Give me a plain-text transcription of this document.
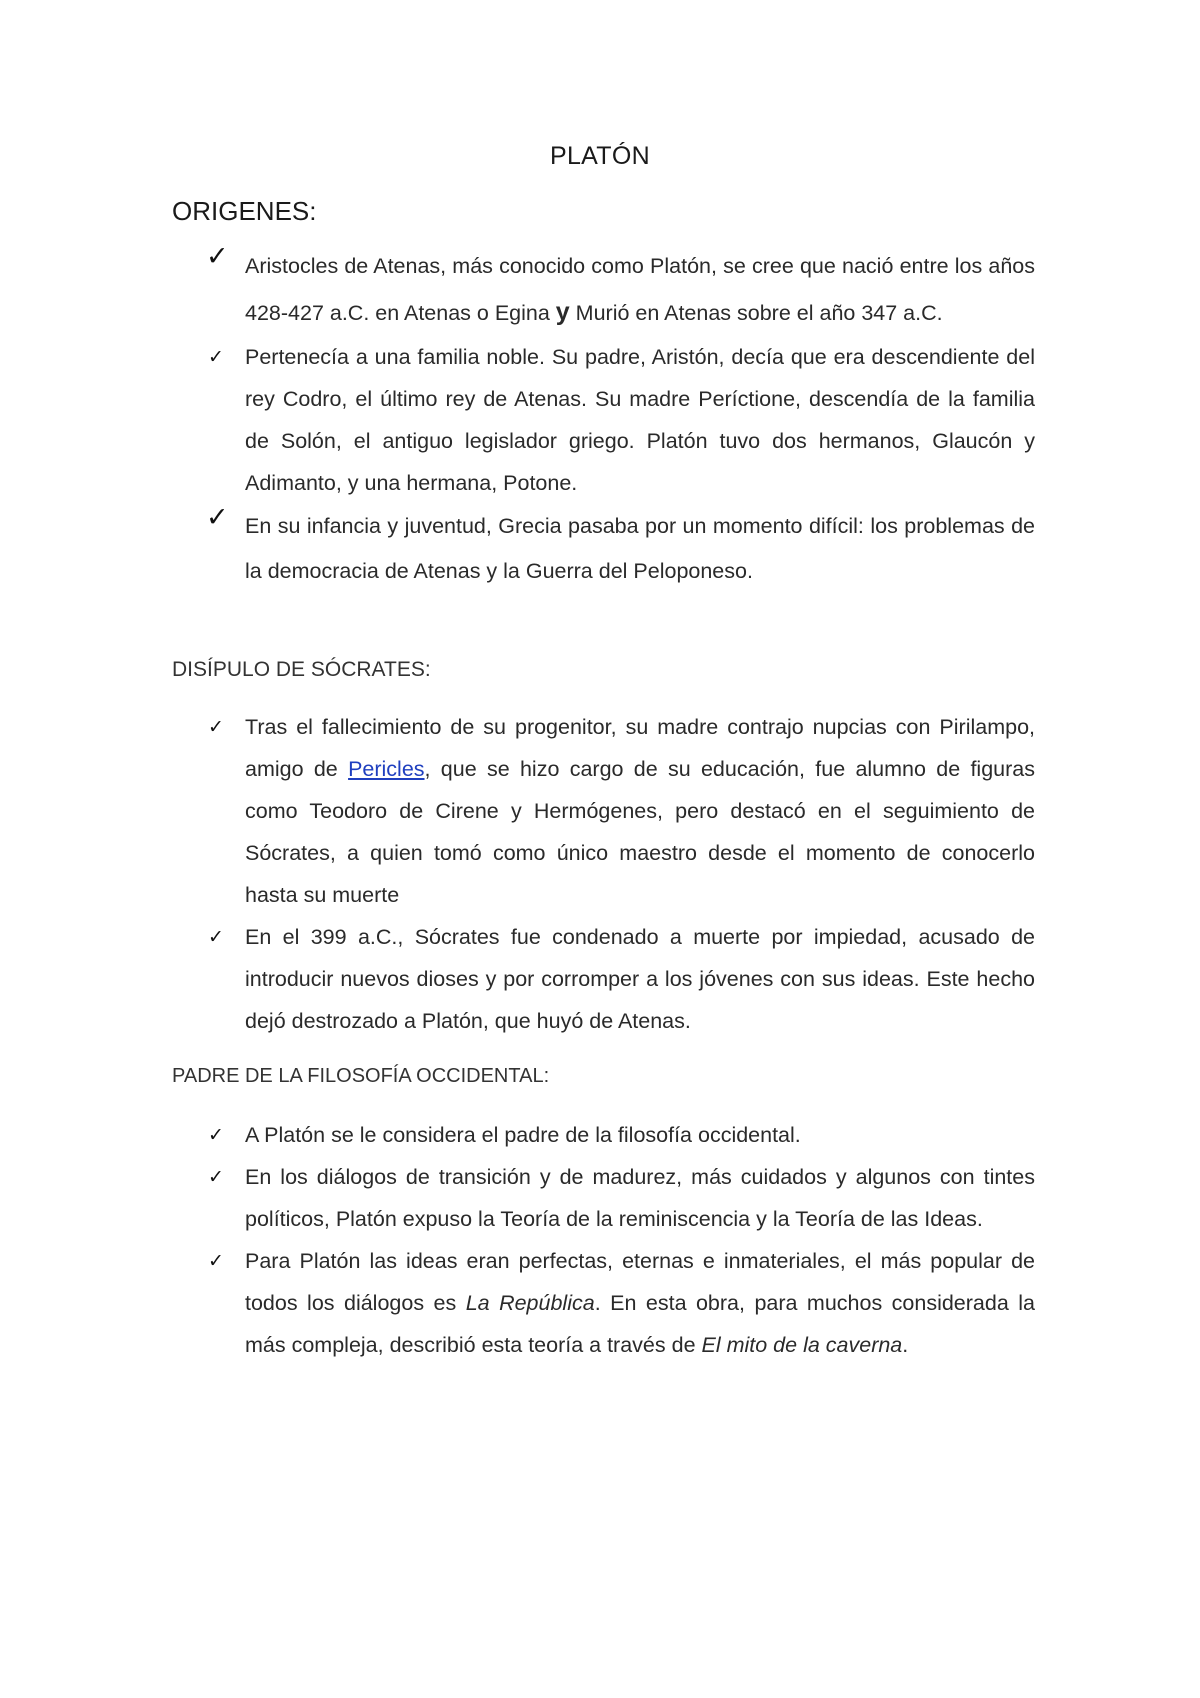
PLATÓN
ORIGENES:
✓ Aristocles de Atenas, más conocido como Platón, se cree que nació entre los años 428-427 a.C. en Atenas o Egina y Murió en Atenas sobre el año 347 a.C.
✓ Pertenecía a una familia noble. Su padre, Aristón, decía que era descendiente del rey Codro, el último rey de Atenas. Su madre Períctione, descendía de la familia de Solón, el antiguo legislador griego. Platón tuvo dos hermanos, Glaucón y Adimanto, y una hermana, Potone.
✓ En su infancia y juventud, Grecia pasaba por un momento difícil: los problemas de la democracia de Atenas y la Guerra del Peloponeso.
DISÍPULO DE SÓCRATES:
✓ Tras el fallecimiento de su progenitor, su madre contrajo nupcias con Pirilampo, amigo de Pericles, que se hizo cargo de su educación, fue alumno de figuras como Teodoro de Cirene y Hermógenes, pero destacó en el seguimiento de Sócrates, a quien tomó como único maestro desde el momento de conocerlo hasta su muerte
✓ En el 399 a.C., Sócrates fue condenado a muerte por impiedad, acusado de introducir nuevos dioses y por corromper a los jóvenes con sus ideas. Este hecho dejó destrozado a Platón, que huyó de Atenas.
PADRE DE LA FILOSOFÍA OCCIDENTAL:
✓ A Platón se le considera el padre de la filosofía occidental.
✓ En los diálogos de transición y de madurez, más cuidados y algunos con tintes políticos, Platón expuso la Teoría de la reminiscencia y la Teoría de las Ideas.
✓ Para Platón las ideas eran perfectas, eternas e inmateriales, el más popular de todos los diálogos es La República. En esta obra, para muchos considerada la más compleja, describió esta teoría a través de El mito de la caverna.
